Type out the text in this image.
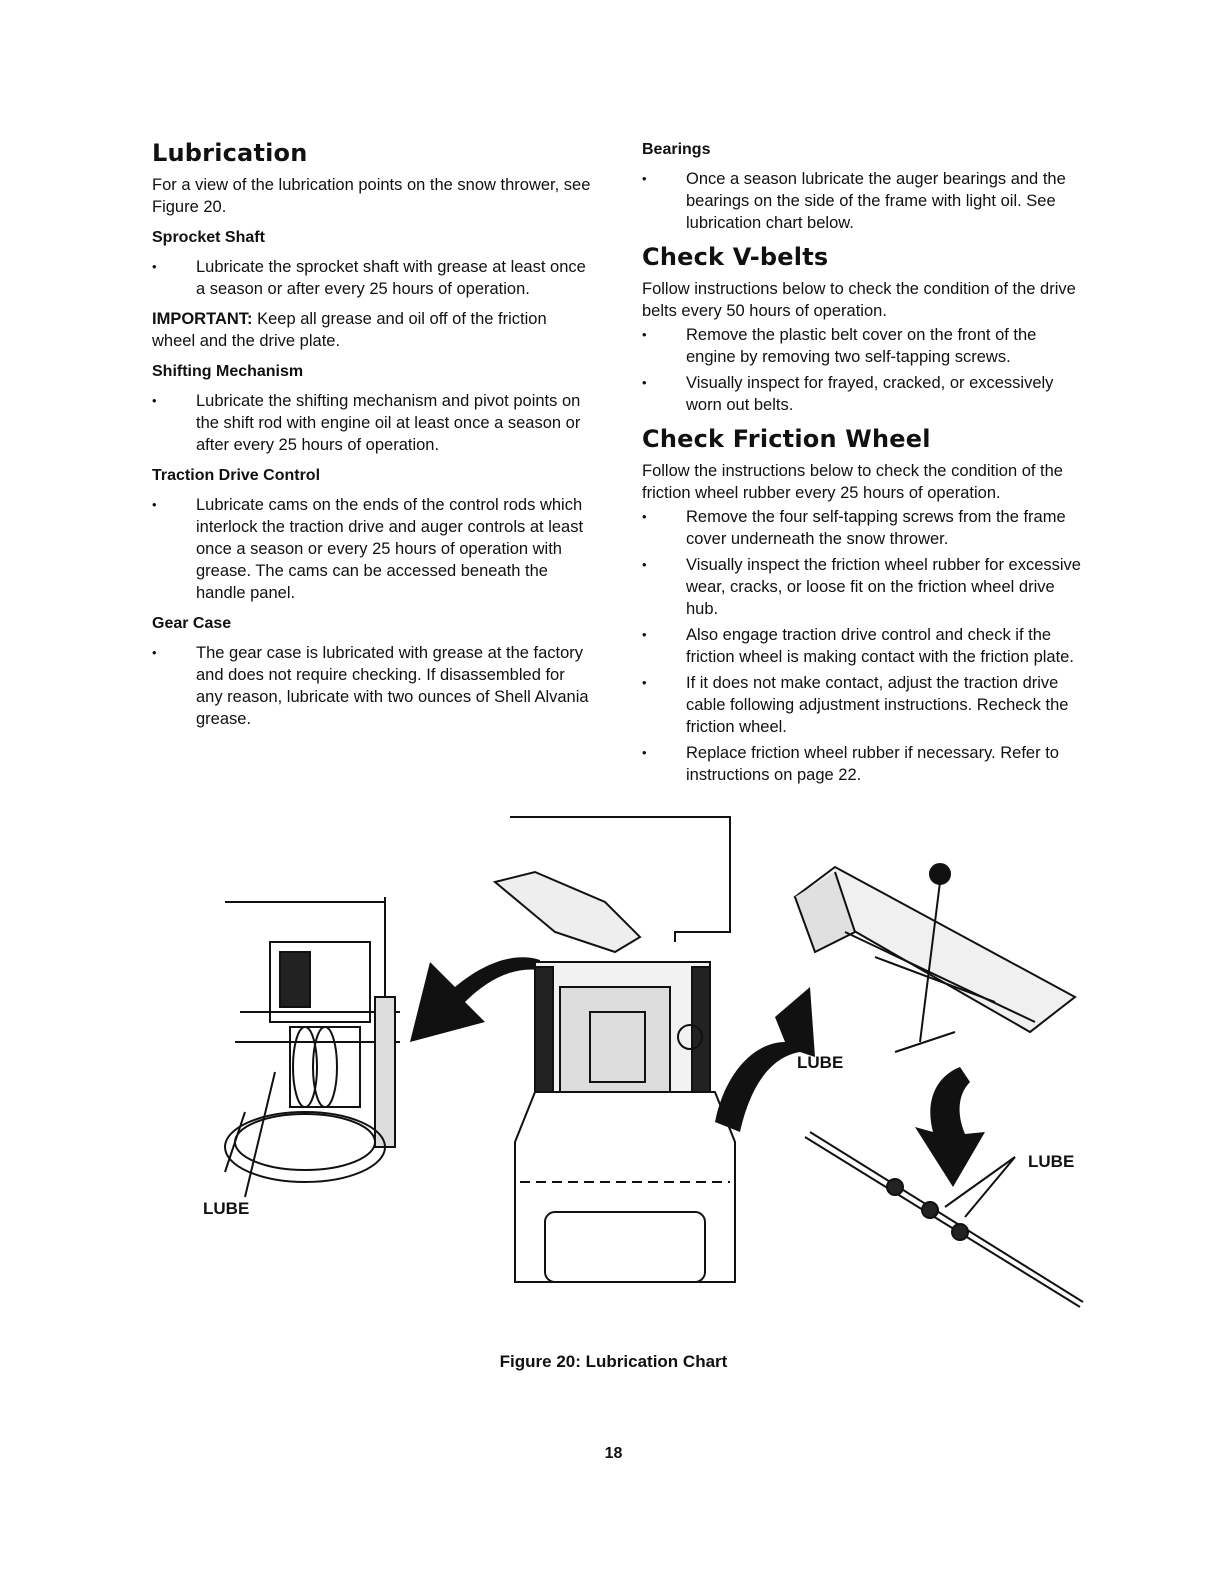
Lubrication

For a view of the lubrication points on the snow thrower, see Figure 20.

Sprocket Shaft
• Lubricate the sprocket shaft with grease at least once a season or after every 25 hours of operation.

IMPORTANT: Keep all grease and oil off of the friction wheel and the drive plate.

Shifting Mechanism
• Lubricate the shifting mechanism and pivot points on the shift rod with engine oil at least once a season or after every 25 hours of operation.
Traction Drive Control
• Lubricate cams on the ends of the control rods which interlock the traction drive and auger controls at least once a season or every 25 hours of operation with grease. The cams can be accessed beneath the handle panel.
Gear Case
• The gear case is lubricated with grease at the factory and does not require checking. If disassembled for any reason, lubricate with two ounces of Shell Alvania grease.
Bearings
• Once a season lubricate the auger bearings and the bearings on the side of the frame with light oil. See lubrication chart below.
Check V-belts

Follow instructions below to check the condition of the drive belts every 50 hours of operation.

• Remove the plastic belt cover on the front of the engine by removing two self-tapping screws.
• Visually inspect for frayed, cracked, or excessively worn out belts.
Check Friction Wheel

Follow the instructions below to check the condition of the friction wheel rubber every 25 hours of operation.

• Remove the four self-tapping screws from the frame cover underneath the snow thrower.
• Visually inspect the friction wheel rubber for excessive wear, cracks, or loose fit on the friction wheel drive hub.
• Also engage traction drive control and check if the friction wheel is making contact with the friction plate.
• If it does not make contact, adjust the traction drive cable following adjustment instructions. Recheck the friction wheel.
• Replace friction wheel rubber if necessary. Refer to instructions on page 22.
LUBE
LUBE
LUBE
Figure 20: Lubrication Chart
18
